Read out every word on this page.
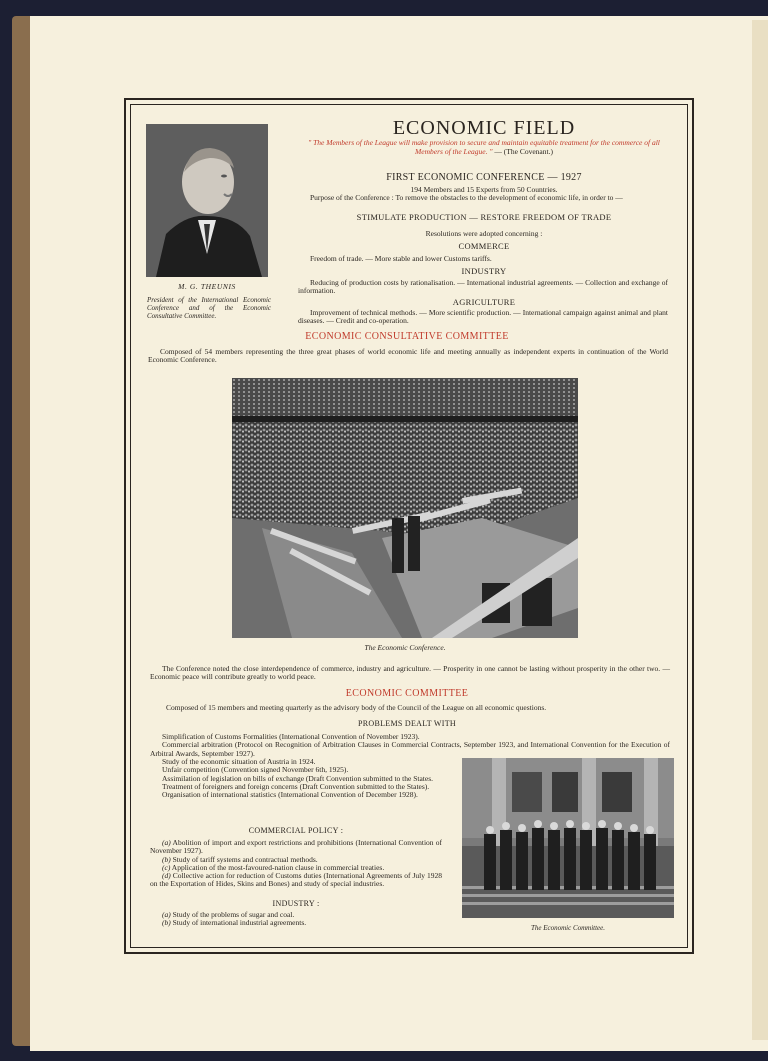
M. G. THEUNIS
President of the International Economic Conference and of the Economic Consultative Committee.
ECONOMIC FIELD
" The Members of the League will make provision to secure and maintain equitable treatment for the commerce of all Members of the League. " — (The Covenant.)
FIRST ECONOMIC CONFERENCE — 1927
194 Members and 15 Experts from 50 Countries.
Purpose of the Conference : To remove the obstacles to the development of economic life, in order to —
STIMULATE PRODUCTION — RESTORE FREEDOM OF TRADE
Resolutions were adopted concerning :
COMMERCE
Freedom of trade. — More stable and lower Customs tariffs.
INDUSTRY
Reducing of production costs by rationalisation. — International industrial agreements. — Collection and exchange of information.
AGRICULTURE
Improvement of technical methods. — More scientific production. — International campaign against animal and plant diseases. — Credit and co-operation.
ECONOMIC CONSULTATIVE COMMITTEE
Composed of 54 members representing the three great phases of world economic life and meeting annually as independent experts in continuation of the World Economic Conference.
The Economic Conference.
The Conference noted the close interdependence of commerce, industry and agriculture. — Prosperity in one cannot be lasting without prosperity in the other two. — Economic peace will contribute greatly to world peace.
ECONOMIC COMMITTEE
Composed of 15 members and meeting quarterly as the advisory body of the Council of the League on all economic questions.
PROBLEMS DEALT WITH
Simplification of Customs Formalities (International Convention of November 1923).
Commercial arbitration (Protocol on Recognition of Arbitration Clauses in Commercial Contracts, September 1923, and International Convention for the Execution of Arbitral Awards, September 1927).
Study of the economic situation of Austria in 1924.
Unfair competition (Convention signed November 6th, 1925).
Assimilation of legislation on bills of exchange (Draft Convention submitted to the States.
Treatment of foreigners and foreign concerns (Draft Convention submitted to the States).
Organisation of international statistics (International Convention of December 1928).
COMMERCIAL POLICY :
(a) Abolition of import and export restrictions and prohibitions (International Convention of November 1927).
(b) Study of tariff systems and contractual methods.
(c) Application of the most-favoured-nation clause in commercial treaties.
(d) Collective action for reduction of Customs duties (International Agreements of July 1928 on the Exportation of Hides, Skins and Bones) and study of special industries.
INDUSTRY :
(a) Study of the problems of sugar and coal.
(b) Study of international industrial agreements.
The Economic Committee.
